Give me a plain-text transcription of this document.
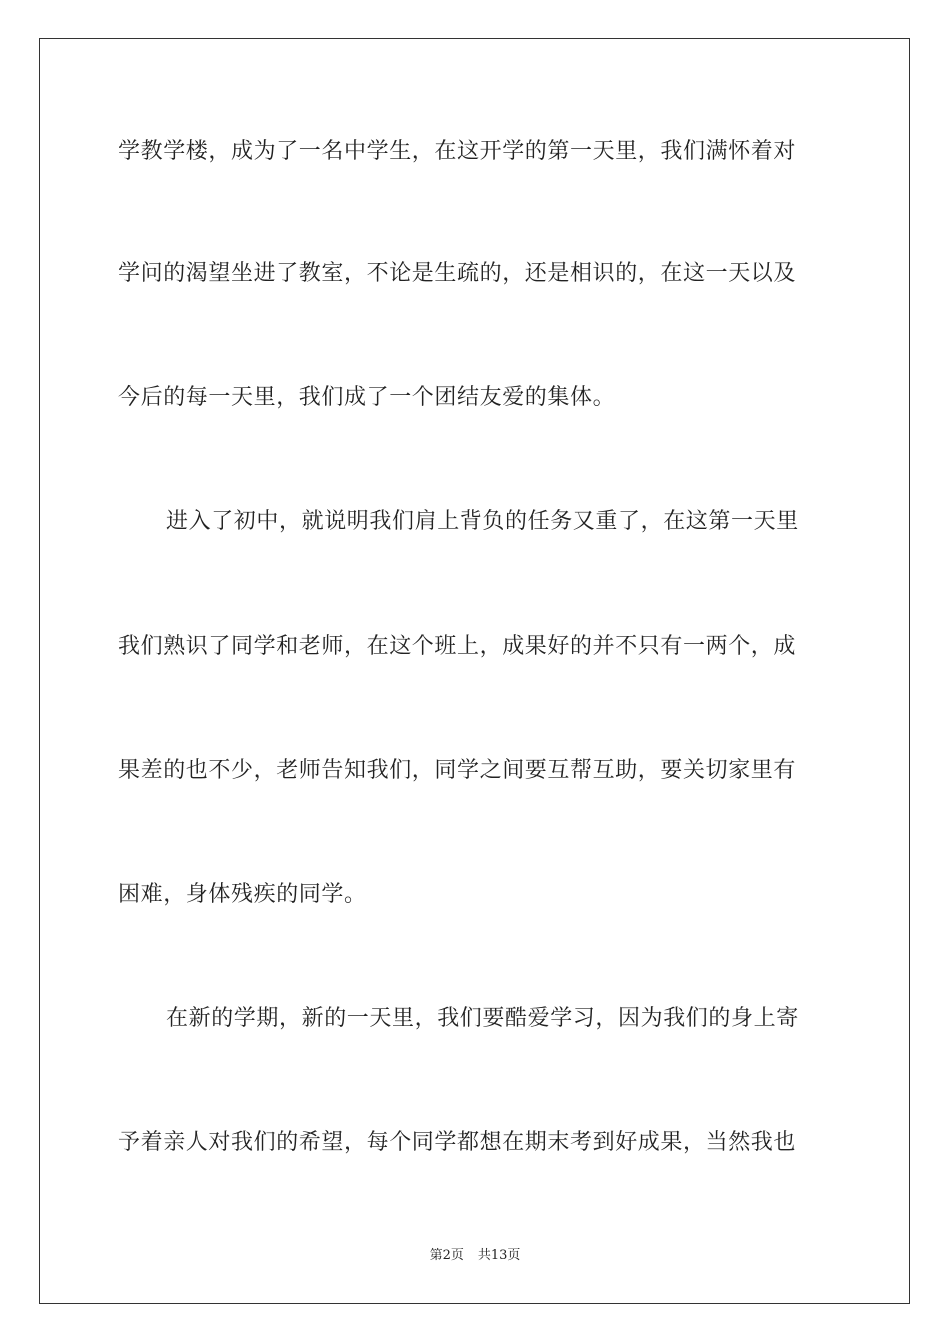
学教学楼，成为了一名中学生，在这开学的第一天里，我们满怀着对
学问的渴望坐进了教室，不论是生疏的，还是相识的，在这一天以及
今后的每一天里，我们成了一个团结友爱的集体。
进入了初中，就说明我们肩上背负的任务又重了，在这第一天里
我们熟识了同学和老师，在这个班上，成果好的并不只有一两个，成
果差的也不少，老师告知我们，同学之间要互帮互助，要关切家里有
困难，身体残疾的同学。
在新的学期，新的一天里，我们要酷爱学习，因为我们的身上寄
予着亲人对我们的希望，每个同学都想在期末考到好成果，当然我也
第2页 共13页
